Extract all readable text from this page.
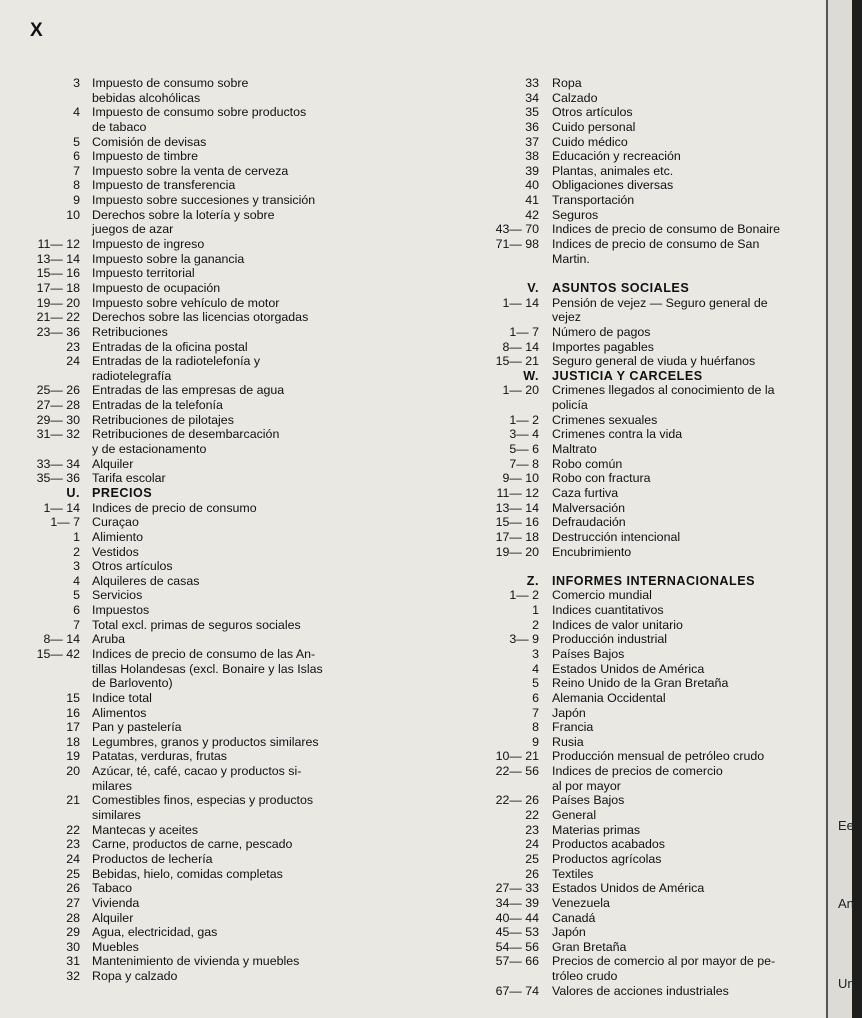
X
3 Impuesto de consumo sobre
bebidas alcohólicas
4 Impuesto de consumo sobre productos
de tabaco
5 Comisión de devisas
6 Impuesto de timbre
7 Impuesto sobre la venta de cerveza
8 Impuesto de transferencia
9 Impuesto sobre succesiones y transición
10 Derechos sobre la lotería y sobre
juegos de azar
11— 12 Impuesto de ingreso
13— 14 Impuesto sobre la ganancia
15— 16 Impuesto territorial
17— 18 Impuesto de ocupación
19— 20 Impuesto sobre vehículo de motor
21— 22 Derechos sobre las licencias otorgadas
23— 36 Retribuciones
23 Entradas de la oficina postal
24 Entradas de la radiotelefonía y
radiotelegrafía
25— 26 Entradas de las empresas de agua
27— 28 Entradas de la telefonía
29— 30 Retribuciones de pilotajes
31— 32 Retribuciones de desembarcación
y de estacionamento
33— 34 Alquiler
35— 36 Tarifa escolar
U. PRECIOS
1— 14 Indices de precio de consumo
1— 7 Curaçao
1 Alimiento
2 Vestidos
3 Otros artículos
4 Alquileres de casas
5 Servicios
6 Impuestos
7 Total excl. primas de seguros sociales
8— 14 Aruba
15— 42 Indices de precio de consumo de las An-
tillas Holandesas (excl. Bonaire y las Islas
de Barlovento)
15 Indice total
16 Alimentos
17 Pan y pastelería
18 Legumbres, granos y productos similares
19 Patatas, verduras, frutas
20 Azúcar, té, café, cacao y productos si-
milares
21 Comestibles finos, especias y productos
similares
22 Mantecas y aceites
23 Carne, productos de carne, pescado
24 Productos de lechería
25 Bebidas, hielo, comidas completas
26 Tabaco
27 Vivienda
28 Alquiler
29 Agua, electricidad, gas
30 Muebles
31 Mantenimiento de vivienda y muebles
32 Ropa y calzado
33 Ropa
34 Calzado
35 Otros artículos
36 Cuido personal
37 Cuido médico
38 Educación y recreación
39 Plantas, animales etc.
40 Obligaciones diversas
41 Transportación
42 Seguros
43— 70 Indices de precio de consumo de Bonaire
71— 98 Indices de precio de consumo de San
Martin.
V. ASUNTOS SOCIALES
1— 14 Pensión de vejez — Seguro general de
vejez
1— 7 Número de pagos
8— 14 Importes pagables
15— 21 Seguro general de viuda y huérfanos
W. JUSTICIA Y CARCELES
1— 20 Crimenes llegados al conocimiento de la
policía
1— 2 Crimenes sexuales
3— 4 Crimenes contra la vida
5— 6 Maltrato
7— 8 Robo común
9— 10 Robo con fractura
11— 12 Caza furtiva
13— 14 Malversación
15— 16 Defraudación
17— 18 Destrucción intencional
19— 20 Encubrimiento
Z. INFORMES INTERNACIONALES
1— 2 Comercio mundial
1 Indices cuantitativos
2 Indices de valor unitario
3— 9 Producción industrial
3 Países Bajos
4 Estados Unidos de América
5 Reino Unido de la Gran Bretaña
6 Alemania Occidental
7 Japón
8 Francia
9 Rusia
10— 21 Producción mensual de petróleo crudo
22— 56 Indices de precios de comercio
al por mayor
22— 26 Países Bajos
22 General
23 Materias primas
24 Productos acabados
25 Productos agrícolas
26 Textiles
27— 33 Estados Unidos de América
34— 39 Venezuela
40— 44 Canadá
45— 53 Japón
54— 56 Gran Bretaña
57— 66 Precios de comercio al por mayor de pe-
tróleo crudo
67— 74 Valores de acciones industriales
Ee
An
Un
